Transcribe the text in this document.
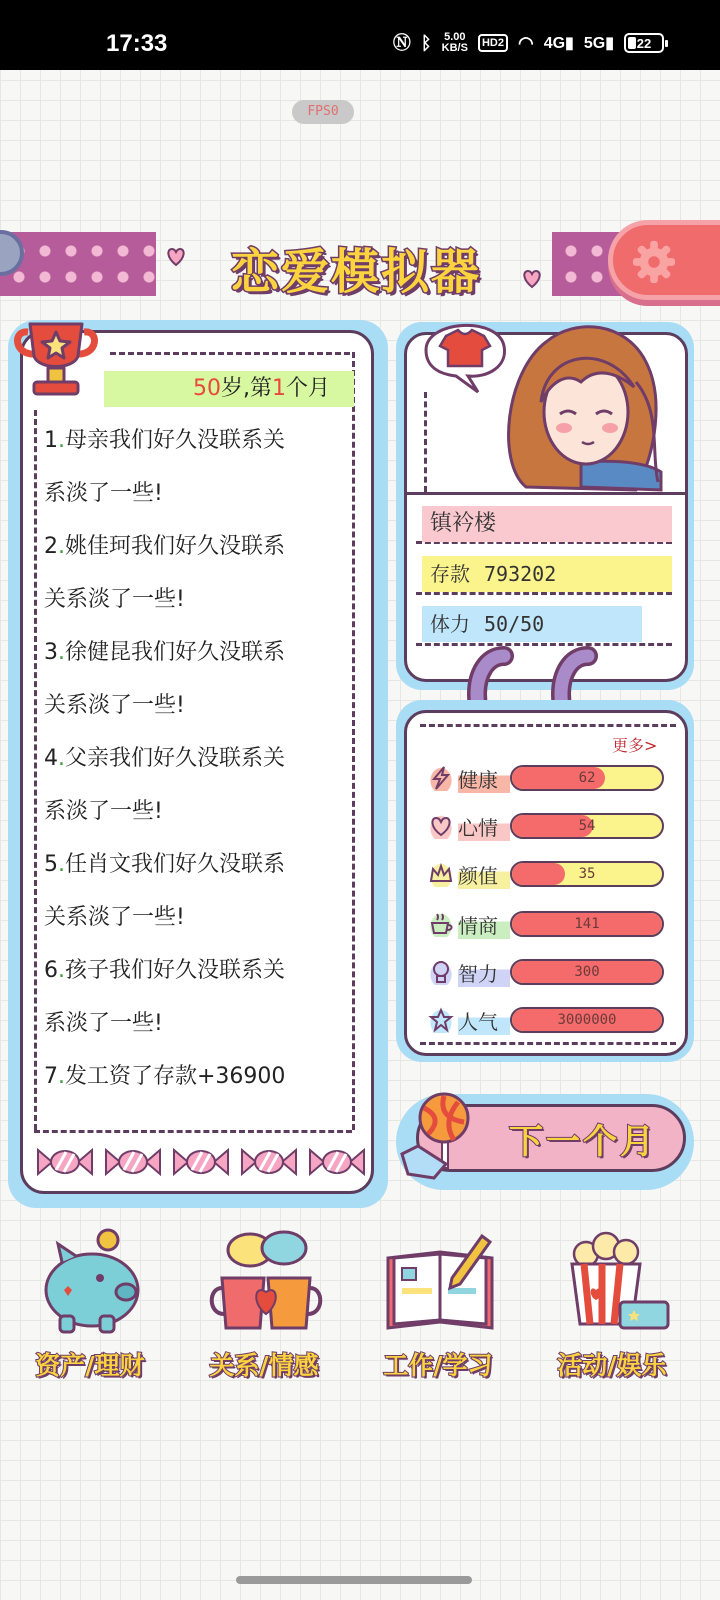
17:33	Ⓝ ᛒ 5.00
KB/S	HD2 ◠ 4G▮ 5G▮ 22
FPS0
恋爱模拟器
50岁,第1个月
1.母亲我们好久没联系关
系淡了一些!
2.姚佳珂我们好久没联系
关系淡了一些!
3.徐健昆我们好久没联系
关系淡了一些!
4.父亲我们好久没联系关
系淡了一些!
5.任肖文我们好久没联系
关系淡了一些!
6.孩子我们好久没联系关
系淡了一些!
7.发工资了存款+36900
镇衿楼
存款 793202
体力 50/50
更多>
健康	62
心情	54
颜值	35
情商	141
智力	300
人气	3000000
下一个月
资产/理财	关系/情感	工作/学习	活动/娱乐
